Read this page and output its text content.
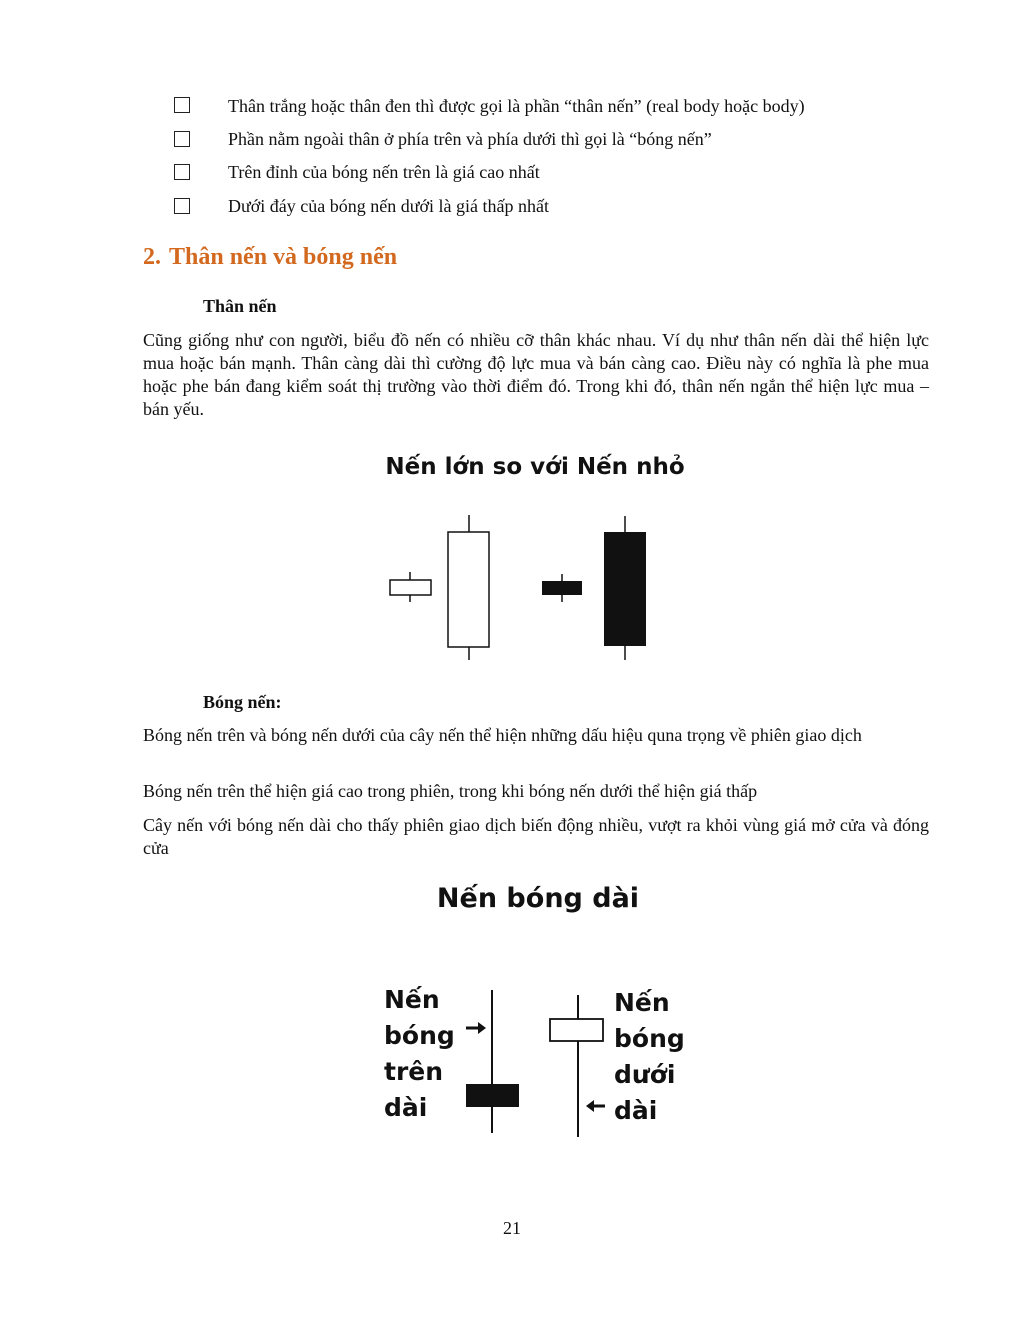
Thân trắng hoặc thân đen thì được gọi là phần “thân nến” (real body hoặc body)
Phần nằm ngoài thân ở phía trên và phía dưới thì gọi là “bóng nến”
Trên đỉnh của bóng nến trên là giá cao nhất
Dưới đáy của bóng nến dưới là giá thấp nhất
2. Thân nến và bóng nến
Thân nến
Cũng giống như con người, biểu đồ nến có nhiều cỡ thân khác nhau. Ví dụ như thân nến dài thể hiện lực mua hoặc bán mạnh. Thân càng dài thì cường độ lực mua và bán càng cao. Điều này có nghĩa là phe mua hoặc phe bán đang kiểm soát thị trường vào thời điểm đó. Trong khi đó, thân nến ngắn thể hiện lực mua – bán yếu.
Nến lớn so với Nến nhỏ
Bóng nến:
Bóng nến trên và bóng nến dưới của cây nến thể hiện những dấu hiệu quna trọng về phiên giao dịch
Bóng nến trên thể hiện giá cao trong phiên, trong khi bóng nến dưới thể hiện giá thấp
Cây nến với bóng nến dài cho thấy phiên giao dịch biến động nhiều, vượt ra khỏi vùng giá mở cửa và đóng cửa
Nến bóng dài
Nến
bóng
trên
dài
Nến
bóng
dưới
dài
21
